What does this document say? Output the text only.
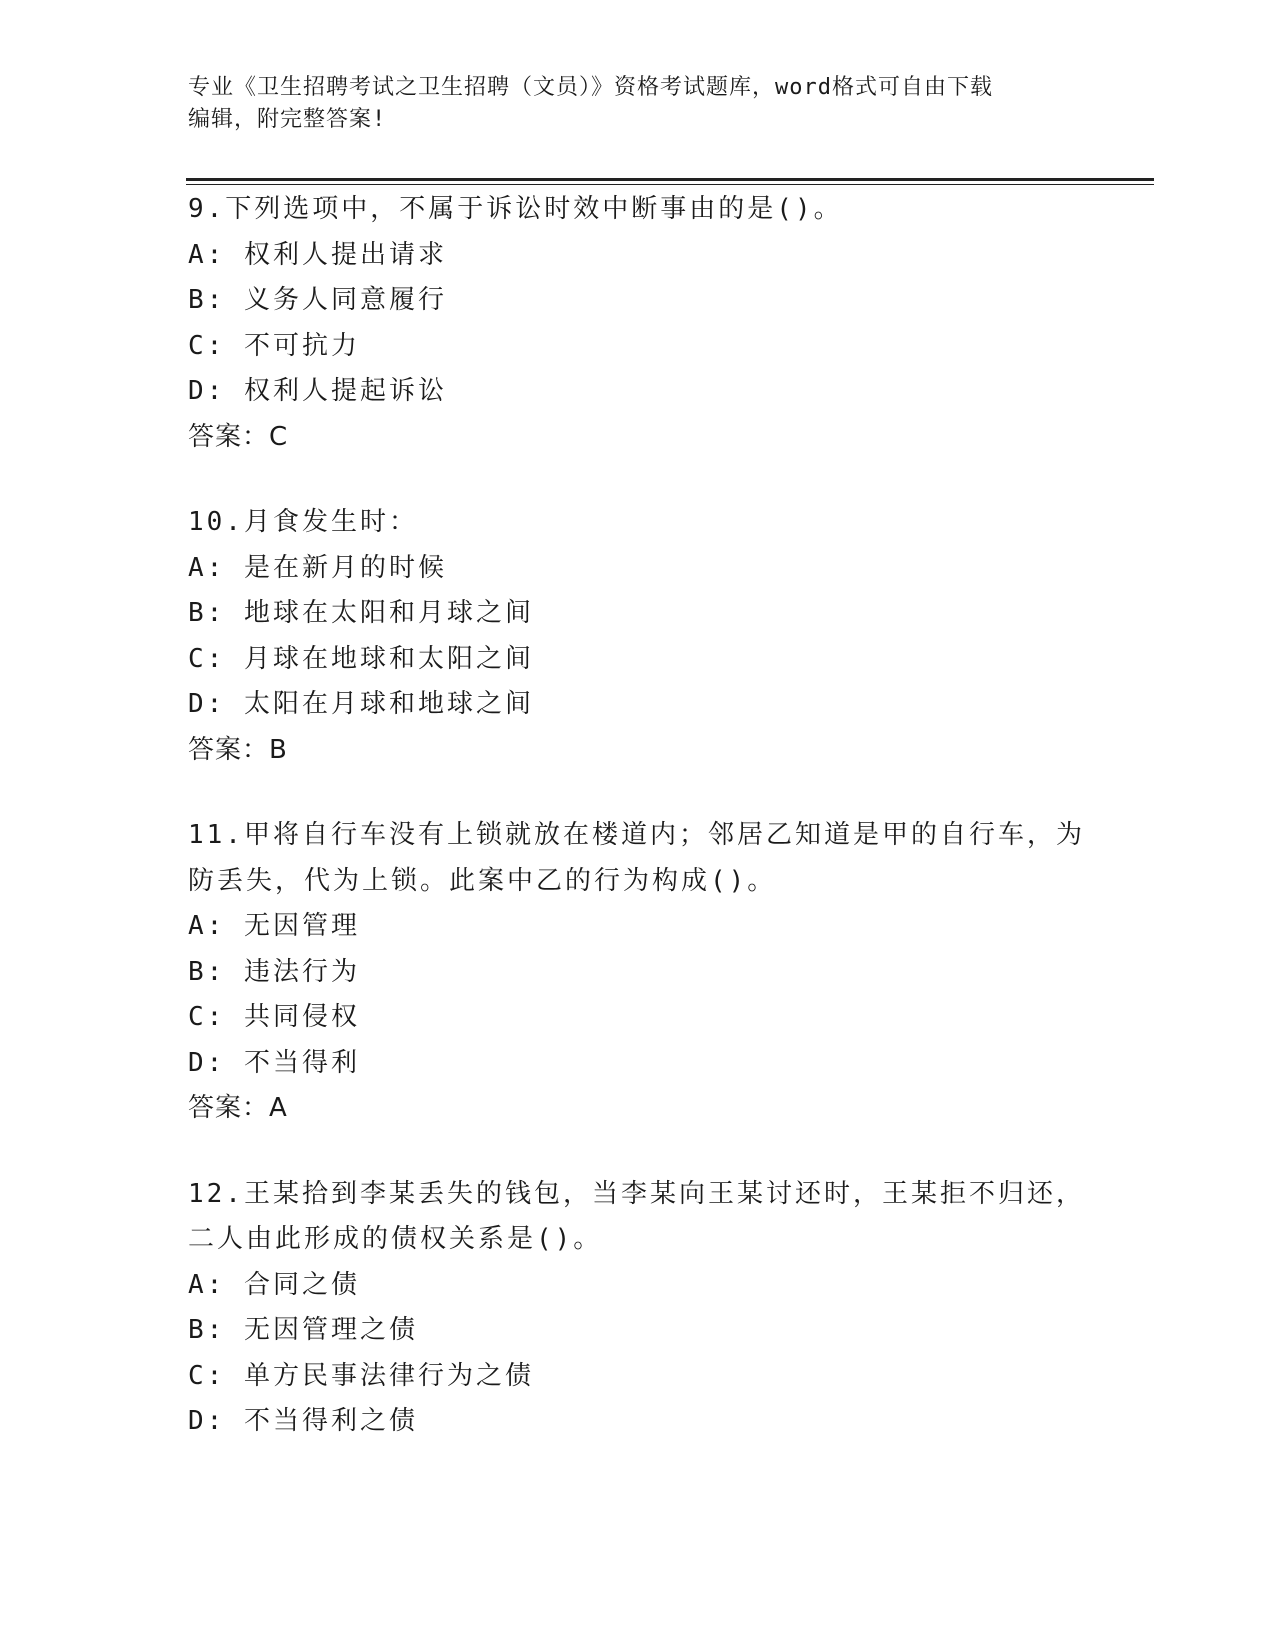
专业《卫生招聘考试之卫生招聘（文员）》资格考试题库，word格式可自由下载
编辑，附完整答案!
9.下列选项中，不属于诉讼时效中断事由的是()。
A: 权利人提出请求
B: 义务人同意履行
C: 不可抗力
D: 权利人提起诉讼
答案：C
10.月食发生时：
A: 是在新月的时候
B: 地球在太阳和月球之间
C: 月球在地球和太阳之间
D: 太阳在月球和地球之间
答案：B
11.甲将自行车没有上锁就放在楼道内；邻居乙知道是甲的自行车，为
防丢失，代为上锁。此案中乙的行为构成()。
A: 无因管理
B: 违法行为
C: 共同侵权
D: 不当得利
答案：A
12.王某拾到李某丢失的钱包，当李某向王某讨还时，王某拒不归还，
二人由此形成的债权关系是()。
A: 合同之债
B: 无因管理之债
C: 单方民事法律行为之债
D: 不当得利之债
